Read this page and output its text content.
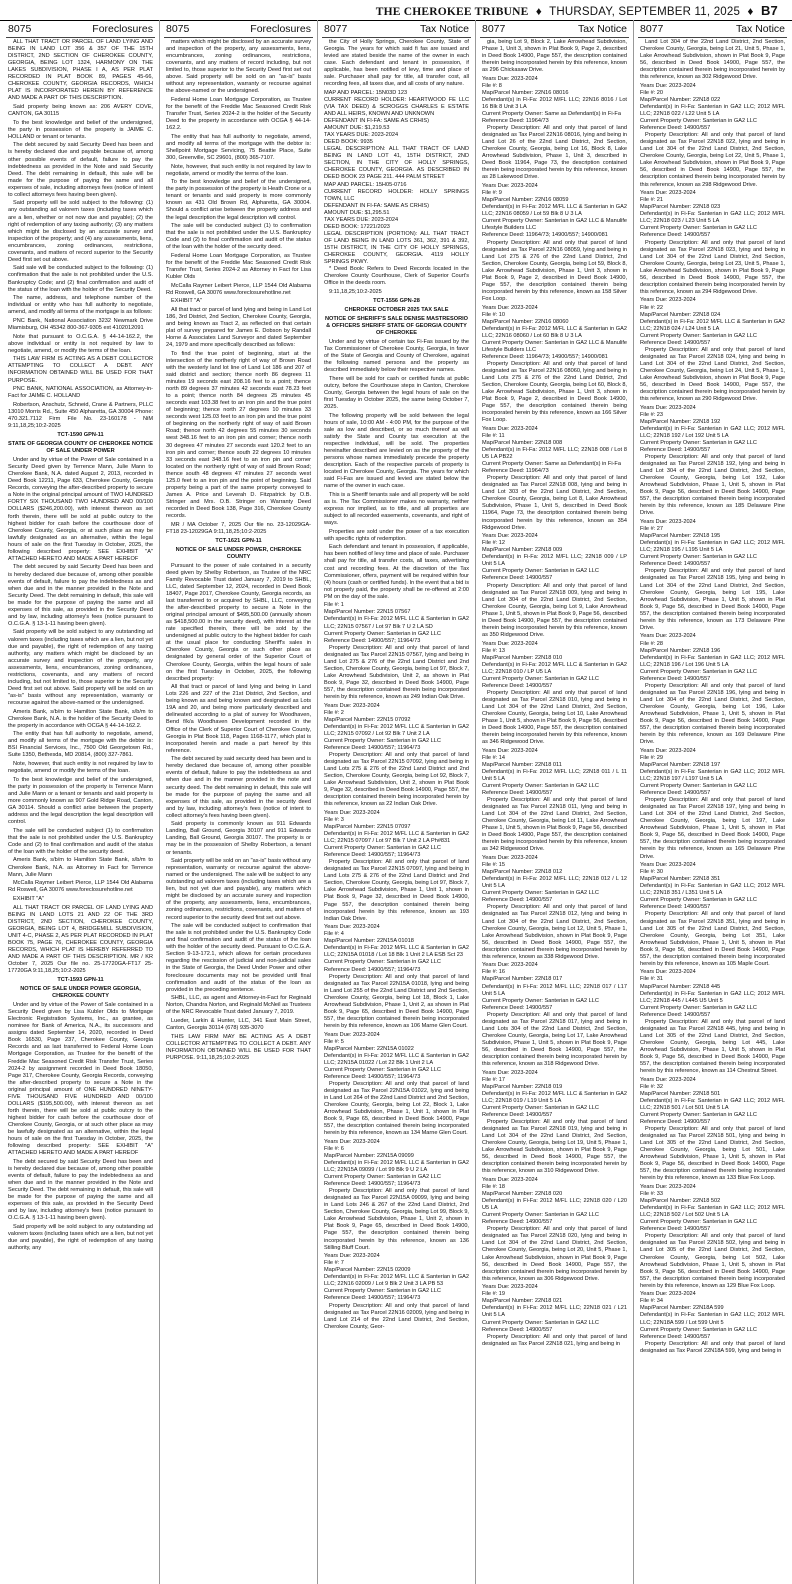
THE CHEROKEE TRIBUNE ♦ THURSDAY, SEPTEMBER 11, 2025 ♦ B7
8075	Foreclosures

ALL THAT TRACT OR PARCEL OF LAND LYING AND BEING IN LAND LOT 356 & 357 OF THE 15TH DISTRICT, 2ND SECTION OF CHEROKEE COUNTY, GEORGIA, BEING LOT 1324, HARMONY ON THE LAKES SUBDIVISION, PHASE I A, AS PER PLAT RECORDED IN PLAT BOOK 89, PAGES 45-66, CHEROKEE COUNTY, GEORGIA RECORDS, WHICH PLAT IS INCORPORATED HEREIN BY REFERENCE AND MADE A PART OF THIS DESCRIPTION.

Said property being known as: 206 AVERY COVE, CANTON, GA 30115

To the best knowledge and belief of the undersigned, the party in possession of the property is JAIME C. HOLLAND or tenant or tenants.

The debt secured by said Security Deed has been and is hereby declared due and payable because of, among other possible events of default, failure to pay the indebtedness as provided in the Note and said Security Deed. The debt remaining in default, this sale will be made for the purpose of paying the same and all expenses of sale, including attorneys fees (notice of intent to collect attorneys fees having been given).

Said property will be sold subject to the following: (1) any outstanding ad valorem taxes (including taxes which are a lien, whether or not now due and payable); (2) the right of redemption of any taxing authority; (3) any matters which might be disclosed by an accurate survey and inspection of the property; and (4) any assessments, liens, encumbrances, zoning ordinances, restrictions, covenants, and matters of record superior to the Security Deed first set out above.

Said sale will be conducted subject to the following: (1) confirmation that the sale is not prohibited under the U.S. Bankruptcy Code; and (2) final confirmation and audit of the status of the loan with the holder of the Security Deed.

The name, address, and telephone number of the individual or entity who has full authority to negotiate, amend, and modify all terms of the mortgage is as follows:

PNC Bank, National Association 3232 Newmark Drive Miamisburg, OH 45342 800-367-9305 ext 4102012091

Note that pursuant to O.C.G.A. § 44-14-162.2, the above individual or entity is not required by law to negotiate, amend, or modify the terms of the loan.

THIS LAW FIRM IS ACTING AS A DEBT COLLECTOR ATTEMPTING TO COLLECT A DEBT. ANY INFORMATION OBTAINED WILL BE USED FOR THAT PURPOSE.

PNC BANK, NATIONAL ASSOCIATION, as Attorney-in-Fact for JAIME C. HOLLAND

Robertson, Anschutz, Schneid, Crane & Partners, PLLC 13010 Morris Rd., Suite 450 Alpharetta, GA 30004 Phone: 470.321.7112 Firm File No. 23-160178 - NiM 9:11,18,25;10:2-2025

TCT-1590 GPN-11

STATE OF GEORGIA COUNTY OF CHEROKEE NOTICE OF SALE UNDER POWER

Under and by virtue of the Power of Sale contained in a Security Deed given by Terrence Mann, Julie Mann to Cherokee Bank, N.A. dated August 2, 2013, recorded in Deed Book 12211, Page 633, Cherokee County, Georgia Records, conveying the after-described property to secure a Note in the original principal amount of TWO HUNDRED FORTY SIX THOUSAND TWO HUNDRED AND 00/100 DOLLARS ($246,200.00), with interest thereon as set forth therein, there will be sold at public outcry to the highest bidder for cash before the courthouse door of Cherokee County, Georgia, or at such place as may be lawfully designated as an alternative, within the legal hours of sale on the first Tuesday in October, 2025, the following described property: SEE EXHIBIT "A" ATTACHED HERETO AND MADE A PART HEREOF

The debt secured by said Security Deed has been and is hereby declared due because of, among other possible events of default, failure to pay the indebtedness as and when due and in the manner provided in the Note and Security Deed. The debt remaining in default, this sale will be made for the purpose of paying the same and all expenses of this sale, as provided in the Security Deed and by law, including attorney's fees (notice pursuant to O.C.G.A. § 13-1-11 having been given).

Said property will be sold subject to any outstanding ad valorem taxes (including taxes which are a lien, but not yet due and payable), the right of redemption of any taxing authority, any matters which might be disclosed by an accurate survey and inspection of the property, any assessments, liens, encumbrances, zoning ordinances, restrictions, covenants, and any matters of record including, but not limited to, those superior to the Security Deed first set out above. Said property will be sold on an "as-is" basis without any representation, warranty or recourse against the above-named or the undersigned.

Ameris Bank, s/b/m to Hamilton State Bank, s/b/m to Cherokee Bank, N.A. is the holder of the Security Deed to the property in accordance with OCGA § 44-14-162.2.

The entity that has full authority to negotiate, amend, and modify all terms of the mortgage with the debtor is: BSI Financial Services, Inc., 7500 Old Georgetown Rd., Suite 1350, Bethesda, MD 20814, (800) 327-7861.

Note, however, that such entity is not required by law to negotiate, amend or modify the terms of the loan.

To the best knowledge and belief of the undersigned, the party in possession of the property is Terrence Mann and Julie Mann or a tenant or tenants and said property is more commonly known as 907 Gold Ridge Road, Canton, GA 30114. Should a conflict arise between the property address and the legal description the legal description will control.

The sale will be conducted subject (1) to confirmation that the sale is not prohibited under the U.S. Bankruptcy Code and (2) to final confirmation and audit of the status of the loan with the holder of the security deed.

Ameris Bank, s/b/m to Hamilton State Bank, s/b/m to Cherokee Bank, N.A. as Attorney in Fact for Terrence Mann, Julie Mann

McCalla Raymer Leibert Pierce, LLP 1544 Old Alabama Rd Roswell, GA 30076 www.foreclosurehotline.net

EXHIBIT "A"

ALL THAT TRACT OR PARCEL OF LAND LYING AND BEING IN LAND LOTS 21 AND 22 OF THE 3RD DISTRICT, 2ND SECTION, CHEROKEE COUNTY, GEORGIA, BEING LOT 4, BRIDGEMILL SUBDIVISION, UNIT 4-C, PHASE 2, AS PER PLAT RECORDED IN PLAT BOOK 75, PAGE 76, CHEROKEE COUNTY, GEORGIA RECORDS, WHICH PLAT IS HEREBY REFERRED TO AND MADE A PART OF THIS DESCRIPTION. MR / KR October 7, 2025 Our file no. 25-17720GA-FT17 25-17720GA 9:11,18,25;10:2-2025

TCT-1593 GPN-11

NOTICE OF SALE UNDER POWER GEORGIA, CHEROKEE COUNTY

Under and by virtue of the Power of Sale contained in a Security Deed given by Lisa Kubler Olds to Mortgage Electronic Registration Systems, Inc., as grantee, as nominee for Bank of America, N.A., its successors and assigns dated September 14, 2020, recorded in Deed Book 16530, Page 237, Cherokee County, Georgia Records and as last transferred to Federal Home Loan Mortgage Corporation, as Trustee for the benefit of the Freddie Mac Seasoned Credit Risk Transfer Trust, Series 2024-2 by assignment recorded in Deed Book 18050, Page 317, Cherokee County, Georgia Records, conveying the after-described property to secure a Note in the original principal amount of ONE HUNDRED NINETY-FIVE THOUSAND FIVE HUNDRED AND 00/100 DOLLARS ($195,500.00), with interest thereon as set forth therein, there will be sold at public outcry to the highest bidder for cash before the courthouse door of Cherokee County, Georgia, or at such other place as may be lawfully designated as an alternative, within the legal hours of sale on the first Tuesday in October, 2025, the following described property: SEE EXHIBIT "A" ATTACHED HERETO AND MADE A PART HEREOF

The debt secured by said Security Deed has been and is hereby declared due because of, among other possible events of default, failure to pay the indebtedness as and when due and in the manner provided in the Note and Security Deed. The debt remaining in default, this sale will be made for the purpose of paying the same and all expenses of this sale, as provided in the Security Deed and by law, including attorney's fees (notice pursuant to O.C.G.A. § 13-1-11 having been given).

Said property will be sold subject to any outstanding ad valorem taxes (including taxes which are a lien, but not yet due and payable), the right of redemption of any taxing authority, any

8075	Foreclosures

matters which might be disclosed by an accurate survey and inspection of the property, any assessments, liens, encumbrances, zoning ordinances, restrictions, covenants, and any matters of record including, but not limited to, those superior to the Security Deed first set out above. Said property will be sold on an "as-is" basis without any representation, warranty or recourse against the above-named or the undersigned.

Federal Home Loan Mortgage Corporation, as Trustee for the benefit of the Freddie Mac Seasoned Credit Risk Transfer Trust, Series 2024-2 is the holder of the Security Deed to the property in accordance with OCGA § 44-14-162.2.

The entity that has full authority to negotiate, amend, and modify all terms of the mortgage with the debtor is: Shellpoint Mortgage Servicing, 75 Beattie Place, Suite 300, Greenville, SC 29601, (800) 365-7107.

Note, however, that such entity is not required by law to negotiate, amend or modify the terms of the loan.

To the best knowledge and belief of the undersigned, the party in possession of the property is Heath Crone or a tenant or tenants and said property is more commonly known as 431 Old Brown Rd, Alpharetta, GA 30004. Should a conflict arise between the property address and the legal description the legal description will control.

The sale will be conducted subject (1) to confirmation that the sale is not prohibited under the U.S. Bankruptcy Code and (2) to final confirmation and audit of the status of the loan with the holder of the security deed.

Federal Home Loan Mortgage Corporation, as Trustee for the benefit of the Freddie Mac Seasoned Credit Risk Transfer Trust, Series 2024-2 as Attorney in Fact for Lisa Kubler Olds

McCalla Raymer Leibert Pierce, LLP 1544 Old Alabama Rd Roswell, GA 30076 www.foreclosurehotline.net

EXHIBIT "A"

All that tract or parcel of land lying and being in Land Lot 186, 3rd District, 2nd Section, Cherokee County, Georgia, and being known as Tract 2, as reflected on that certain plat of survey prepared for James E. Dobson by Randall Horne & Associates Land Surveyor and dated September 24, 1979 and more specifically described as follows:

To find the true point of beginning, start at the intersection of the northerly right of way of Brown Road with the westerly land lot line of Land Lot 186 and 207 of said district and section; thence north 86 degrees 11 minutes 19 seconds east 208.16 feet to a point; thence north 89 degrees 37 minutes 42 seconds east 78.23 feet to a point; thence north 84 degrees 25 minutes 45 seconds east 103.38 feet to an iron pin and the true point of beginning; thence north 27 degrees 10 minutes 33 seconds west 125.03 feet to an iron pin and the true point of beginning on the northerly right of way of said Brown Road; thence north 42 degrees 55 minutes 30 seconds west 348.16 feet to an iron pin and corner; thence north 30 degrees 47 minutes 27 seconds east 120.2 feet to an iron pin and corner; thence south 22 degrees 10 minutes 33 seconds east 348.16 feet to an iron pin and corner located on the northerly right of way of said Brown Road; thence south 48 degrees 47 minutes 27 seconds west 125.0 feet to an iron pin and the point of beginning. Said property being a part of the same property conveyed to James A. Price and Leverah D. Fitzpatrick by O.B. Stringer and Mrs. O.B. Stringer on Warranty Deed recorded in Deed Book 138, Page 316, Cherokee County records.

MR / MA October 7, 2025 Our file no. 23-12029GA-FT18 23-12029GA 9:11,18,25;10:2-2025

TCT-1621 GPN-11

NOTICE OF SALE UNDER POWER, CHEROKEE COUNTY

Pursuant to the power of sale contained in a security deed given by Shelby Robertson, as Trustee of the NRC Family Revocable Trust dated January 7, 2019 to SHBL, LLC, dated September 12, 2024, recorded in Deed Book 18407, Page 2017, Cherokee County, Georgia records, as last transferred to or acquired by SHBL, LLC, conveying the after-described property to secure a Note in the original principal amount of $495,500.00 (annually shown as $418,500.00 in the security deed), with interest at the rate specified therein, there will be sold by the undersigned at public outcry to the highest bidder for cash at the usual place for conducting Sheriff's sales in Cherokee County, Georgia or such other place as designated by general order of the Superior Court of Cherokee County, Georgia, within the legal hours of sale on the first Tuesday in October, 2025, the following described property:

All that tract or parcel of land lying and being in Land Lots 226 and 227 of the 21st District, 2nd Section, and being known as and being known and designated as Lots 19A and 20, and being more particularly described and delineated according to a plat of survey for Woodhaven, Bend f/k/a Woodhaven Development recorded in the Office of the Clerk of Superior Court of Cherokee County, Georgia in Plat Book 118, Pages 1168-1177, which plat is incorporated herein and made a part hereof by this reference.

The debt secured by said security deed has been and is hereby declared due because of, among other possible events of default, failure to pay the indebtedness as and when due and in the manner provided in the note and security deed. The debt remaining in default, this sale will be made for the purpose of paying the same and all expenses of this sale, as provided in the security deed and by law, including attorney's fees (notice of intent to collect attorney's fees having been given).

Said property is commonly known as 911 Edwards Landing, Ball Ground, Georgia 30107 and 911 Edwards Landing, Ball Ground, Georgia 30107. The property is or may be in the possession of Shelby Robertson, a tenant or tenants.

Said property will be sold on an "as-is" basis without any representation, warranty or recourse against the above-named or the undersigned. The sale will be subject to any outstanding ad valorem taxes (including taxes which are a lien, but not yet due and payable), any matters which might be disclosed by an accurate survey and inspection of the property, any assessments, liens, encumbrances, zoning ordinances, restrictions, covenants, and matters of record superior to the security deed first set out above.

The sale will be conducted subject to confirmation that the sale is not prohibited under the U.S. Bankruptcy Code and final confirmation and audit of the status of the loan with the holder of the security deed. Pursuant to O.C.G.A. Section 9-13-172.1, which allows for certain procedures regarding the rescission of judicial and non-judicial sales in the State of Georgia, the Deed Under Power and other foreclosure documents may not be provided until final confirmation and audit of the status of the loan as provided in the preceding sentence.

SHBL, LLC, as agent and Attorney-in-Fact for Reginald Norton, Chandra Norton, and Reginald McNeil as Trustees of the NRC Revocable Trust dated January 7, 2019.

Lueder, Larkin & Hunter, LLC, 341 East Main Street, Canton, Georgia 30114 (678) 935-3070

THIS LAW FIRM MAY BE ACTING AS A DEBT COLLECTOR ATTEMPTING TO COLLECT A DEBT. ANY INFORMATION OBTAINED WILL BE USED FOR THAT PURPOSE. 9:11,18,25;10:2-2025

8077	Tax Notice

the City of Holly Springs, Cherokee County, State of Georgia. The years for which said fi fas are issued and levied are stated beside the name of the owner in each case. Each defendant and tenant in possession, if applicable, has been notified of levy, time and place of sale. Purchaser shall pay for title, all transfer cost, all recording fees, all taxes due, and all costs of any nature.

MAP AND PARCEL: 15N03D 123

CURRENT RECORD HOLDER: HEARTWOOD FE LLC (VIA TAX DEED) & SCROGGS CHARLES E ESTATE AND ALL HEIRS, KNOWN AND UNKNOWN

DEFENDANT IN FI-FA: SAME AS CRHIS)

AMOUNT DUE: $1,219.53

TAX YEARS DUE: 2023-2024

DEED BOOK: 9935

LEGAL DESCRIPTION: ALL THAT TRACT OF LAND BEING IN LAND LOT 41, 15TH DISTRICT, 2ND SECTION, IN THE CITY OF HOLLY SPRINGS, CHEROKEE COUNTY, GEORGIA. AS DESCRIBED IN DEED BOOK 23 PAGE 211. 444 PALM STREET

MAP AND PARCEL: 15H05-0716

CURRENT RECORD HOLDER: HOLLY SPRINGS TOWN, LLC

DEFENDANT IN FI-FA: SAME AS CRHIS)

AMOUNT DUE: $1,295.51

TAX YEARS DUE: 2023-2024

DEED BOOK: 17221/2023

LEGAL DESCRIPTION (PORTION): ALL THAT TRACT OF LAND BEING IN LAND LOTS 361, 362, 391 & 392, 15TH DISTRICT, IN THE CITY OF HOLLY SPRINGS, CHEROKEE COUNTY, GEORGIA. 4119 HOLLY SPRINGS PKWY.

* Deed Book: Refers to Deed Records located in the Cherokee County Courthouse, Clerk of Superior Court's Office in the deeds room.

9:11,18,25;10:2-2025

TCT-1556 GPN-28

CHEROKEE OCTOBER 2025 TAX SALE

NOTICE OF SHERIFF'S SALE DENISE MASTRESORIO & OFFICERS SHERIFF STATE OF GEORGIA COUNTY OF CHEROKEE

Under and by virtue of certain tax Fi-Fas issued by the Tax Commissioner of Cherokee County, Georgia, in favor of the State of Georgia and County of Cherokee, against the following named persons and the property as described immediately below their respective names.

There will be sold for cash or certified funds at public outcry, before the Courthouse steps in Canton, Cherokee County, Georgia between the legal hours of sale on the first Tuesday in October 2025, the same being October 7, 2025.

The following property will be sold between the legal hours of sale, 10:00 AM - 4:00 PM, for the purpose of the sale as low and described, or so much thereof as will satisfy the State and County tax execution at the respective individual, will be sold. The properties hereinafter described are levied on as the property of the persons whose names immediately precede the property description. Each of the respective parcels of property is located in Cherokee County, Georgia. The years for which said Fi-Fas are issued and levied are stated below the name of the owner in each case.

This is a Sheriff tenants sale and all property will be sold as is. The Tax Commissioner makes no warranty, neither express nor implied, as to title, and all properties are subject to all recorded easements, covenants, and right of ways.

Properties are sold under the power of a tax execution with specific rights of redemption.

Each defendant and tenant in possession, if applicable, has been notified of levy time and place of sale. Purchaser shall pay for title, all transfer costs, all taxes, advertising cost and recording fees. At the discretion of the Tax Commissioner, offers, payment will be required within four (4) hours (cash or certified funds). In the event that a bid is not properly paid, the property shall be re-offered at 2:00 PM on the day of the sale.

File #: 1

Map/Parcel Number: 22N15 07567

Defendant(s) in Fi-Fa: 2012 M/FL LLC & Santerian in GA2 LLC; 22N15 07567 / Lot 97 Blk 7 U 2 LA SD

Current Property Owner: Santerian in GA2 LLC

Reference Deed: 14900/557; 11964/73

Property Description: All and only that parcel of land designated as Tax Parcel 22N15 07567, lying and being in Land Lot 275 & 276 of the 22nd Land District and 2nd Section, Cherokee County, Georgia, being Lot 97, Block 7, Lake Arrowhead Subdivision, Unit 2, as shown in Plat Book 9, Page 32, described in Deed Book 14900, Page 557, the description contained therein being incorporated herein by this reference, known as 249 Indian Oak Drive.

Years Due: 2023-2024

File #: 2

Map/Parcel Number: 22N15 07092

Defendant(s) in Fi-Fa: 2012 M/FL LLC & Santerian in GA2 LLC; 22N15 07092 / Lot 92 Blk 7 Unit 2 LA

Current Property Owner: Santerian in GA2 LLC

Reference Deed: 14900/557; 11964/73

Property Description: All and only that parcel of land designated as Tax Parcel 22N15 07092, lying and being in Land Lots 275 & 276 of the 22nd Land District and 2nd Section, Cherokee County, Georgia, being Lot 92, Block 7, Lake Arrowhead Subdivision, Unit 2, shown in Plat Book 9, Page 32, described in Deed Book 14900, Page 557, the description contained therein being incorporated herein by this reference, known as 22 Indian Oak Drive.

Years Due: 2023-2024

File #: 3

Map/Parcel Number: 22N15 07097

Defendant(s) in Fi-Fa: 2012 M/FL LLC & Santerian in GA2 LLC; 22N15 07097 / Lot 97 Blk 7 Unit 2 LA Ph#831

Current Property Owner: Santerian in GA2 LLC

Reference Deed: 14900/557; 11964/73

Property Description: All and only that parcel of land designated as Tax Parcel 22N15 07097, lying and being in Land Lots 275 & 276 of the 22nd Land District and 2nd Section, Cherokee County, Georgia, being Lot 97, Block 7, Lake Arrowhead Subdivision, Phase 1, Unit 1, shown in Plat Book 9, Page 32, described in Deed Book 14900, Page 557, the description contained therein being incorporated herein by this reference, known as 193 Indian Oak Drive.

Years Due: 2023-2024

File #: 4

Map/Parcel Number: 22N15A 01018

Defendant(s) in Fi-Fa: 2012 M/FL LLC & Santerian in GA2 LLC; 22N15A 01018 / Lot 18 Blk 1 Unit 2 LA ESB Sct 23

Current Property Owner: Santerian in GA2 LLC

Reference Deed: 14900/557; 11964/73

Property Description: All and only that parcel of land designated as Tax Parcel 22N15A 01018, lying and being in Land Lot 255 of the 22nd Land District and 2nd Section, Cherokee County, Georgia, being Lot 18, Block 1, Lake Arrowhead Subdivision, Phase 1, Unit 2, as shown in Plat Book 9, Page 65, described in Deed Book 14900, Page 557, the description contained therein being incorporated herein by this reference, known as 106 Marne Glen Court.

Years Due: 2023-2024

File #: 5

Map/Parcel Number: 22N15A 01022

Defendant(s) in Fi-Fa: 2012 M/FL LLC & Santerian in GA2 LLC; 22N15A 01022 / Lot 22 Blk 1 Unit 2 LA

Current Property Owner: Santerian in GA2 LLC

Reference Deed: 14900/557; 11964/73

Property Description: All and only that parcel of land designated as Tax Parcel 22N15A 01022, lying and being in Land Lot 264 of the 22nd Land District and 2nd Section, Cherokee County, Georgia, being Lot 22, Block 1, Lake Arrowhead Subdivision, Phase 1, Unit 1, shown in Plat Book 9, Page 65, described in Deed Book 14900, Page 557, the description contained therein being incorporated herein by this reference, known as 134 Marne Glen Court.

Years Due: 2023-2024

File #: 6

Map/Parcel Number: 22N15A 09099

Defendant(s) in Fi-Fa: 2012 M/FL LLC & Santerian in GA2 LLC; 22N15A 09099 / Lot 99 Blk 9 U 2 LA

Current Property Owner: Santerian in GA2 LLC

Reference Deed: 14900/557; 11964/73

Property Description: All and only that parcel of land designated as Tax Parcel 22N15A 09099, lying and being in Land Lots 246 & 267 of the 22nd Land District, 2nd Section, Cherokee County, Georgia, being Lot 99, Block 9, Lake Arrowhead Subdivision, Phase 1, Unit 2, shown in Plat Book 9, Page 65, described in Deed Book 14900, Page 557, the description contained therein being incorporated herein by this reference, known as 136 Stilling Bluff Court.

Years Due: 2023-2024

File #: 7

Map/Parcel Number: 22N15 02009

Defendant(s) in Fi-Fa: 2012 M/FL LLC & Santerian in GA2 LLC; 22N16 02009 / Lot 9 Blk 2 Unit 3 LA PB 53

Current Property Owner: Santerian in GA2 LLC

Reference Deed: 14900/557; 11964/73

Property Description: All and only that parcel of land designated as Tax Parcel 22N16 02009, lying and being in Land Lot 214 of the 22nd Land District, 2nd Section, Cherokee County, Geor-

8077	Tax Notice

gia, being Lot 9, Block 2, Lake Arrowhead Subdivision, Phase 1, Unit 3, shown in Plat Book 9, Page 2, described in Deed Book 14900, Page 557, the description contained therein being incorporated herein by this reference, known as 296 Chickasaw Drive.

Years Due: 2023-2024

File #: 8

Map/Parcel Number: 22N16 08016

Defendant(s) in Fi-Fa: 2012 M/FL LLC; 22N16 8016 / Lot 16 Blk 8 Unit 3 LA

Current Property Owner: Same as Defendant(s) in Fi-Fa

Reference Deed: 11964/73

Property Description: All and only that parcel of land designated as Tax Parcel 22N16 08016, lying and being in Land Lot 26 of the 22nd Land District, 2nd Section, Cherokee County, Georgia, being Lot 16, Block 8, Lake Arrowhead Subdivision, Phase 1, Unit 3, described in Deed Book 11964, Page 73, the description contained therein being incorporated herein by this reference, known as 28 Lakewood Drive.

Years Due: 2023-2024

File #: 9

Map/Parcel Number: 22N16 08059

Defendant(s) in Fi-Fa: 2012 M/FL LLC & Santerian in GA2 LLC; 22N16 08059 / Lot 59 Blk 8 U 3 LA

Current Property Owner: Santerian in GA2 LLC & Manulife Lifestyle Builders LLC

Reference Deed: 11964/73; 14900/557; 14900/081

Property Description: All and only that parcel of land designated as Tax Parcel 22N16 08059, lying and being in Land Lot 275 & 276 of the 22nd Land District, 2nd Section, Cherokee County, Georgia, being Lot 59, Block 8, Lake Arrowhead Subdivision, Phase 1, Unit 3, shown in Plat Book 9, Page 2, described in Deed Book 14900, Page 557, the description contained therein being incorporated herein by this reference, known as 158 Silver Fox Loop.

Years Due: 2023-2024

File #: 10

Map/Parcel Number: 22N16 08060

Defendant(s) in Fi-Fa: 2012 M/FL LLC & Santerian in GA2 LLC; 22N16 08060 / Lot 60 Blk 8 U 3 LA

Current Property Owner: Santerian in GA2 LLC & Manulife Lifestyle Builders LLC

Reference Deed: 11964/73; 14900/557; 14900/081

Property Description: All and only that parcel of land designated as Tax Parcel 22N16 08060, lying and being in Land Lots 275 & 276 of the 22nd Land District, 2nd Section, Cherokee County, Georgia, being Lot 60, Block 8, Lake Arrowhead Subdivision, Phase 1, Unit 3, shown in Plat Book 9, Page 2, described in Deed Book 14900, Page 557, the description contained therein being incorporated herein by this reference, known as 166 Silver Fox Loop.

Years Due: 2023-2024

File #: 11

Map/Parcel Number: 22N18 008

Defendant(s) in Fi-Fa: 2012 M/FL LLC; 22N18 008 / Lot 8 U5 LA PB22

Current Property Owner: Same as Defendant(s) in Fi-Fa

Reference Deed: 11964/73

Property Description: All and only that parcel of land designated as Tax Parcel 22N18 008, lying and being in Land Lot 303 of the 22nd Land District, 2nd Section, Cherokee County, Georgia, being Lot 8, Lake Arrowhead Subdivision, Phase 1, Unit 5, described in Deed Book 11964, Page 73, the description contained therein being incorporated herein by this reference, known as 354 Ridgewood Drive.

Years Due: 2023-2024

File #: 12

Map/Parcel Number: 22N18 009

Defendant(s) in Fi-Fa: 2012 M/FL LLC; 22N18 009 / LP Unit 5 LA

Current Property Owner: Santerian in GA2 LLC

Reference Deed: 14900/557

Property Description: All and only that parcel of land designated as Tax Parcel 22N18 009, lying and being in Land Lot 304 of the 22nd Land District, 2nd Section, Cherokee County, Georgia, being Lot 9, Lake Arrowhead Phase 1, Unit 5, shown in Plat Book 9, Page 56, described in Deed Book 14900, Page 557, the description contained therein being incorporated herein by this reference, known as 350 Ridgewood Drive.

Years Due: 2023-2024

File #: 13

Map/Parcel Number: 22N18 010

Defendant(s) in Fi-Fa: 2012 M/FL LLC & Santerian in GA2 LLC; 22N18 010 / LP U5 LA

Current Property Owner: Santerian in GA2 LLC

Reference Deed: 14900/557

Property Description: All and only that parcel of land designated as Tax Parcel 22N18 010, lying and being in Land Lot 304 of the 22nd Land District, 2nd Section, Cherokee County, Georgia, being Lot 10, Lake Arrowhead Phase 1, Unit 5, shown in Plat Book 9, Page 56, described in Deed Book 14900, Page 557, the description contained therein being incorporated herein by this reference, known as 346 Ridgewood Drive.

Years Due: 2023-2024

File #: 14

Map/Parcel Number: 22N18 011

Defendant(s) in Fi-Fa: 2012 M/FL LLC; 22N18 011 / L 11 Unit 5 LA

Current Property Owner: Santerian in GA2 LLC

Reference Deed: 14900/557

Property Description: All and only that parcel of land designated as Tax Parcel 22N18 011, lying and being in Land Lot 304 of the 22nd Land District, 2nd Section, Cherokee County, Georgia, being Lot 11, Lake Arrowhead Phase 1, Unit 5, shown in Plat Book 9, Page 56, described in Deed Book 14900, Page 557, the description contained therein being incorporated herein by this reference, known as 342 Ridgewood Drive.

Years Due: 2023-2024

File #: 15

Map/Parcel Number: 22N18 012

Defendant(s) in Fi-Fa: 2012 M/FL LLC; 22N18 012 / L 12 Unit 5 LA

Current Property Owner: Santerian in GA2 LLC

Reference Deed: 14900/557

Property Description: All and only that parcel of land designated as Tax Parcel 22N18 012, lying and being in Land Lot 304 of the 22nd Land District, 2nd Section, Cherokee County, Georgia, being Lot 12, Unit 5, Phase 1, Lake Arrowhead Subdivision, shown in Plat Book 9, Page 56, described in Deed Book 14900, Page 557, the description contained therein being incorporated herein by this reference, known as 338 Ridgewood Drive.

Years Due: 2023-2024

File #: 16

Map/Parcel Number: 22N18 017

Defendant(s) in Fi-Fa: 2012 M/FL LLC; 22N18 017 / L17 Unit 5 LA

Current Property Owner: Santerian in GA2 LLC

Reference Deed: 14900/557

Property Description: All and only that parcel of land designated as Tax Parcel 22N18 017, lying and being in Land Lots 304 of the 22nd Land District, 2nd Section, Cherokee County, Georgia, being Lot 17, Lake Arrowhead Subdivision, Phase 1, Unit 5, shown in Plat Book 9, Page 56, described in Deed Book 14900, Page 557, the description contained therein being incorporated herein by this reference, known as 318 Ridgewood Drive.

Years Due: 2023-2024

File #: 17

Map/Parcel Number: 22N18 019

Defendant(s) in Fi-Fa: 2012 M/FL LLC & Santerian in GA2 LLC; 22N18 019 / L19 Unit 5 LA

Current Property Owner: Santerian in GA2 LLC

Reference Deed: 14900/557

Property Description: All and only that parcel of land designated as Tax Parcel 22N18 019, lying and being in Land Lot 304 of the 22nd Land District, 2nd Section, Cherokee County, Georgia, being Lot 19, Unit 5, Phase 1, Lake Arrowhead Subdivision, shown in Plat Book 9, Page 56, described in Deed Book 14900, Page 557, the description contained therein being incorporated herein by this reference, known as 310 Ridgewood Drive.

Years Due: 2023-2024

File #: 18

Map/Parcel Number: 22N18 020

Defendant(s) in Fi-Fa: 2012 M/FL LLC; 22N18 020 / L20 U5 LA

Current Property Owner: Santerian in GA2 LLC

Reference Deed: 14900/557

Property Description: All and only that parcel of land designated as Tax Parcel 22N18 020, lying and being in Land Lot 304 of the 22nd Land District, 2nd Section, Cherokee County, Georgia, being Lot 20, Unit 5, Phase 1, Lake Arrowhead Subdivision, shown in Plat Book 9, Page 56, described in Deed Book 14900, Page 557, the description contained therein being incorporated herein by this reference, known as 306 Ridgewood Drive.

Years Due: 2023-2024

File #: 19

Map/Parcel Number: 22N18 021

Defendant(s) in Fi-Fa: 2012 M/FL LLC; 22N18 021 / L21 Unit 5 LA

Current Property Owner: Santerian in GA2 LLC

Reference Deed: 14900/557

Property Description: All and only that parcel of land designated as Tax Parcel 22N18 021, lying and being in

8077	Tax Notice

Land Lot 304 of the 22nd Land District, 2nd Section, Cherokee County, Georgia, being Lot 21, Unit 5, Phase 1, Lake Arrowhead Subdivision, shown in Plat Book 9, Page 56, described in Deed Book 14900, Page 557, the description contained therein being incorporated herein by this reference, known as 302 Ridgewood Drive.

Years Due: 2023-2024

File #: 20

Map/Parcel Number: 22N18 022

Defendant(s) in Fi-Fa: Santerian in GA2 LLC; 2012 M/FL LLC; 22N18 022 / L22 Unit 5 LA

Current Property Owner: Santerian in GA2 LLC

Reference Deed: 14900/557

Property Description: All and only that parcel of land designated as Tax Parcel 22N18 022, lying and being in Land Lot 304 of the 22nd Land District, 2nd Section, Cherokee County, Georgia, being Lot 22, Unit 5, Phase 1, Lake Arrowhead Subdivision, shown in Plat Book 9, Page 56, described in Deed Book 14900, Page 557, the description contained therein being incorporated herein by this reference, known as 298 Ridgewood Drive.

Years Due: 2023-2024

File #: 21

Map/Parcel Number: 22N18 023

Defendant(s) in Fi-Fa: Santerian in GA2 LLC; 2012 M/FL LLC; 22N18 023 / L23 Unit 5 LA

Current Property Owner: Santerian in GA2 LLC

Reference Deed: 14900/557

Property Description: All and only that parcel of land designated as Tax Parcel 22N18 023, lying and being in Land Lot 304 of the 22nd Land District, 2nd Section, Cherokee County, Georgia, being Lot 23, Unit 5, Phase 1, Lake Arrowhead Subdivision, shown in Plat Book 9, Page 56, described in Deed Book 14900, Page 557, the description contained therein being incorporated herein by this reference, known as 294 Ridgewood Drive.

Years Due: 2023-2024

File #: 22

Map/Parcel Number: 22N18 024

Defendant(s) in Fi-Fa: 2012 M/FL LLC & Santerian in GA2 LLC; 22N18 024 / L24 Unit 5 LA

Current Property Owner: Santerian in GA2 LLC

Reference Deed: 14900/557

Property Description: All and only that parcel of land designated as Tax Parcel 22N18 024, lying and being in Land Lot 304 of the 22nd Land District, 2nd Section, Cherokee County, Georgia, being Lot 24, Unit 5, Phase 1, Lake Arrowhead Subdivision, shown in Plat Book 9, Page 56, described in Deed Book 14900, Page 557, the description contained therein being incorporated herein by this reference, known as 290 Ridgewood Drive.

Years Due: 2023-2024

File #: 23

Map/Parcel Number: 22N18 192

Defendant(s) in Fi-Fa: Santerian in GA2 LLC; 2012 M/FL LLC; 22N18 192 / Lot 192 Unit 5 LA

Current Property Owner: Santerian in GA2 LLC

Reference Deed: 14900/557

Property Description: All and only that parcel of land designated as Tax Parcel 22N18 192, lying and being in Land Lot 304 of the 22nd Land District, 2nd Section, Cherokee County, Georgia, being Lot 192, Lake Arrowhead Subdivision, Phase 1, Unit 5, shown in Plat Book 9, Page 56, described in Deed Book 14900, Page 557, the description contained therein being incorporated herein by this reference, known as 185 Delaware Pine Drive.

Years Due: 2023-2024

File #: 27

Map/Parcel Number: 22N18 195

Defendant(s) in Fi-Fa: Santerian in GA2 LLC; 2012 M/FL LLC; 22N18 195 / L195 Unit 5 LA

Current Property Owner: Santerian in GA2 LLC

Reference Deed: 14900/557

Property Description: All and only that parcel of land designated as Tax Parcel 22N18 195, lying and being in Land Lot 304 of the 22nd Land District, 2nd Section, Cherokee County, Georgia, being Lot 195, Lake Arrowhead Subdivision, Phase 1, Unit 5, shown in Plat Book 9, Page 56, described in Deed Book 14900, Page 557, the description contained therein being incorporated herein by this reference, known as 173 Delaware Pine Drive.

Years Due: 2023-2024

File #: 28

Map/Parcel Number: 22N18 196

Defendant(s) in Fi-Fa: Santerian in GA2 LLC; 2012 M/FL LLC; 22N18 196 / Lot 196 Unit 5 LA

Current Property Owner: Santerian in GA2 LLC

Reference Deed: 14900/557

Property Description: All and only that parcel of land designated as Tax Parcel 22N18 196, lying and being in Land Lot 304 of the 22nd Land District, 2nd Section, Cherokee County, Georgia, being Lot 196, Lake Arrowhead Subdivision, Phase 1, Unit 5, shown in Plat Book 9, Page 56, described in Deed Book 14900, Page 557, the description contained therein being incorporated herein by this reference, known as 169 Delaware Pine Drive.

Years Due: 2023-2024

File #: 29

Map/Parcel Number: 22N18 197

Defendant(s) in Fi-Fa: Santerian in GA2 LLC; 2012 M/FL LLC; 22N18 197 / L197 Unit 5 LA

Current Property Owner: Santerian in GA2 LLC

Reference Deed: 14900/557

Property Description: All and only that parcel of land designated as Tax Parcel 22N18 197, lying and being in Land Lot 304 of the 22nd Land District, 2nd Section, Cherokee County, Georgia, being Lot 197, Lake Arrowhead Subdivision, Phase 1, Unit 5, shown in Plat Book 9, Page 56, described in Deed Book 14900, Page 557, the description contained therein being incorporated herein by this reference, known as 165 Delaware Pine Drive.

Years Due: 2023-2024

File #: 30

Map/Parcel Number: 22N18 351

Defendant(s) in Fi-Fa: Santerian in GA2 LLC; 2012 M/FL LLC; 22N18 351 / L351 Unit 5 LA

Current Property Owner: Santerian in GA2 LLC

Reference Deed: 14900/557

Property Description: All and only that parcel of land designated as Tax Parcel 22N18 351, lying and being in Land Lot 305 of the 22nd Land District, 2nd Section, Cherokee County, Georgia, being Lot 351, Lake Arrowhead Subdivision, Phase 1, Unit 5, shown in Plat Book 9, Page 56, described in Deed Book 14900, Page 557, the description contained therein being incorporated herein by this reference, known as 105 Maple Court.

Years Due: 2023-2024

File #: 31

Map/Parcel Number: 22N18 445

Defendant(s) in Fi-Fa: Santerian in GA2 LLC; 2012 M/FL LLC; 22N18 445 / L445 U5 Unit 5

Current Property Owner: Santerian in GA2 LLC

Reference Deed: 14900/557

Property Description: All and only that parcel of land designated as Tax Parcel 22N18 445, lying and being in Land Lot 305 of the 22nd Land District, 2nd Section, Cherokee County, Georgia, being Lot 445, Lake Arrowhead Subdivision, Phase 1, Unit 5, shown in Plat Book 9, Page 56, described in Deed Book 14900, Page 557, the description contained therein being incorporated herein by this reference, known as 114 Chestnut Street.

Years Due: 2023-2024

File #: 32

Map/Parcel Number: 22N18 501

Defendant(s) in Fi-Fa: Santerian in GA2 LLC; 2012 M/FL LLC; 22N18 501 / Lot 501 Unit 5 LA

Current Property Owner: Santerian in GA2 LLC

Reference Deed: 14900/557

Property Description: All and only that parcel of land designated as Tax Parcel 22N18 501, lying and being in Land Lot 305 of the 22nd Land District, 2nd Section, Cherokee County, Georgia, being Lot 501, Lake Arrowhead Subdivision, Phase 1, Unit 5, shown in Plat Book 9, Page 56, described in Deed Book 14900, Page 557, the description contained therein being incorporated herein by this reference, known as 133 Blue Fox Loop.

Years Due: 2023-2024

File #: 33

Map/Parcel Number: 22N18 502

Defendant(s) in Fi-Fa: Santerian in GA2 LLC; 2012 M/FL LLC; 22N18 502 / Lot 502 Unit 5 LA

Current Property Owner: Santerian in GA2 LLC

Reference Deed: 14900/557

Property Description: All and only that parcel of land designated as Tax Parcel 22N18 502, lying and being in Land Lot 305 of the 22nd Land District, 2nd Section, Cherokee County, Georgia, being Lot 502, Lake Arrowhead Subdivision, Phase 1, Unit 5, shown in Plat Book 9, Page 56, described in Deed Book 14900, Page 557, the description contained therein being incorporated herein by this reference, known as 129 Blue Fox Loop.

Years Due: 2023-2024

File #: 34

Map/Parcel Number: 22N18A 599

Defendant(s) in Fi-Fa: Santerian in GA2 LLC; 2012 M/FL LLC; 22N18A 599 / Lot 599 Unit 5

Current Property Owner: Santerian in GA2 LLC

Reference Deed: 14900/557

Property Description: All and only that parcel of land designated as Tax Parcel 22N18A 599, lying and being in
